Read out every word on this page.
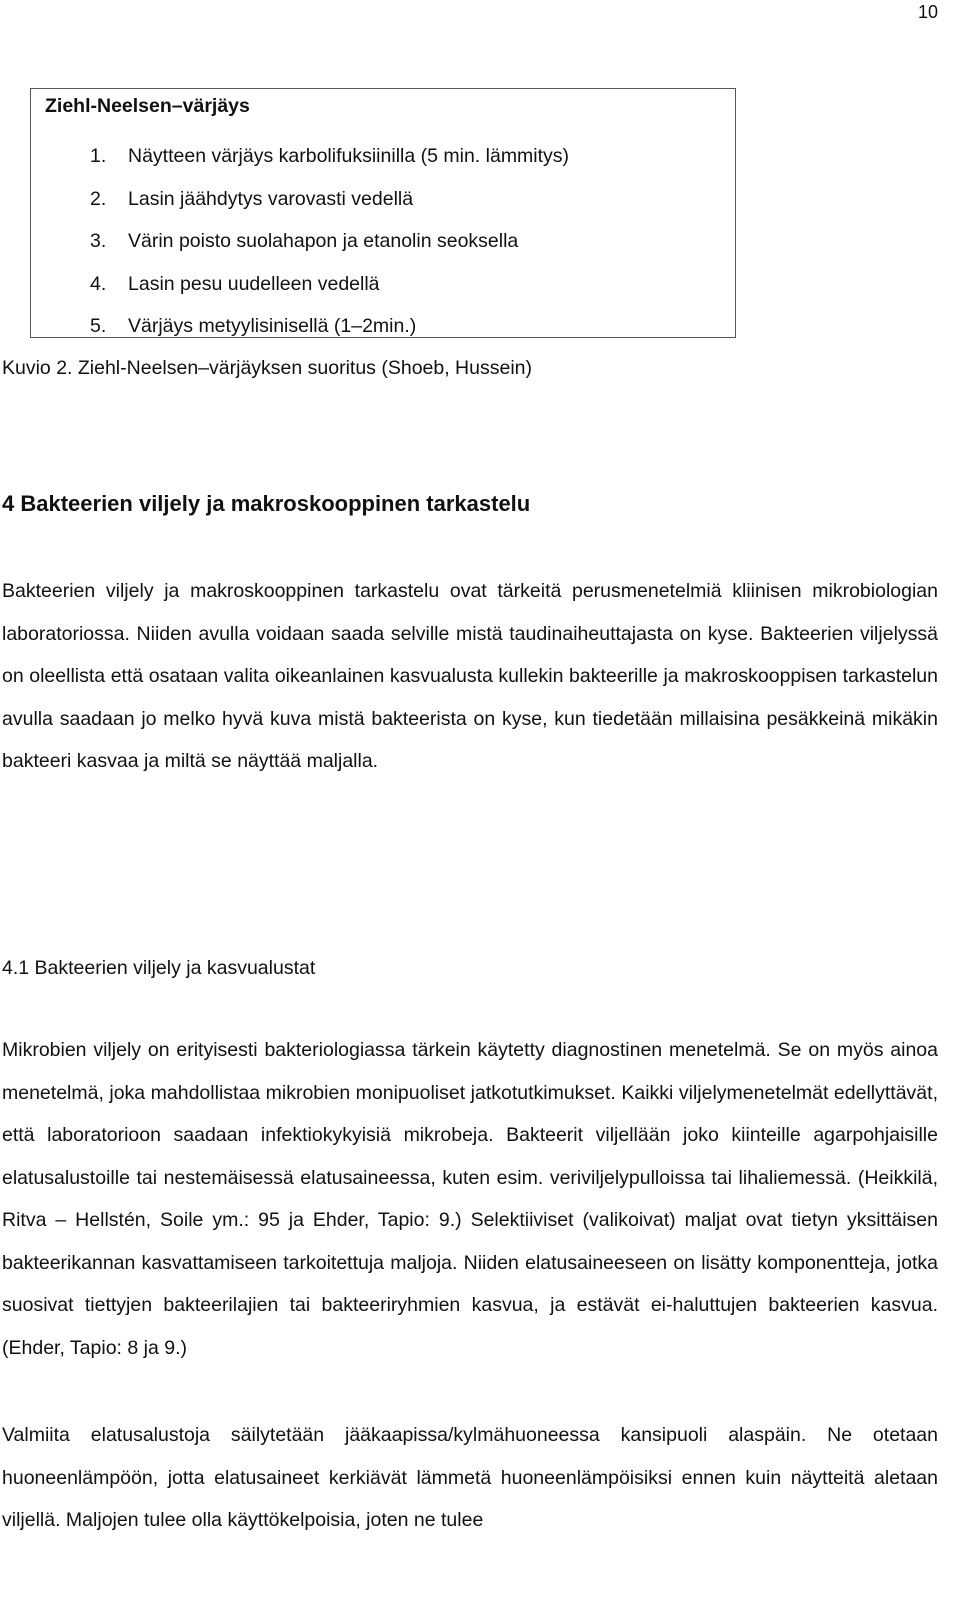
10
Ziehl-Neelsen–värjäys
1. Näytteen värjäys karbolifuksiinilla (5 min. lämmitys)
2. Lasin jäähdytys varovasti vedellä
3. Värin poisto suolahapon ja etanolin seoksella
4. Lasin pesu uudelleen vedellä
5. Värjäys metyylisinisellä (1–2min.)
Kuvio 2. Ziehl-Neelsen–värjäyksen suoritus (Shoeb, Hussein)
4 Bakteerien viljely ja makroskooppinen tarkastelu

Bakteerien viljely ja makroskooppinen tarkastelu ovat tärkeitä perusmenetelmiä kliinisen mikrobiologian laboratoriossa. Niiden avulla voidaan saada selville mistä taudinaiheuttajasta on kyse. Bakteerien viljelyssä on oleellista että osataan valita oikeanlainen kasvualusta kullekin bakteerille ja makroskooppisen tarkastelun avulla saadaan jo melko hyvä kuva mistä bakteerista on kyse, kun tiedetään millaisina pesäkkeinä mikäkin bakteeri kasvaa ja miltä se näyttää maljalla.

4.1 Bakteerien viljely ja kasvualustat

Mikrobien viljely on erityisesti bakteriologiassa tärkein käytetty diagnostinen menetelmä. Se on myös ainoa menetelmä, joka mahdollistaa mikrobien monipuoliset jatkotutkimukset. Kaikki viljelymenetelmät edellyttävät, että laboratorioon saadaan infektiokykyisiä mikrobeja. Bakteerit viljellään joko kiinteille agarpohjaisille elatusalustoille tai nestemäisessä elatusaineessa, kuten esim. veriviljelypulloissa tai lihaliemessä. (Heikkilä, Ritva – Hellstén, Soile ym.: 95 ja Ehder, Tapio: 9.) Selektiiviset (valikoivat) maljat ovat tietyn yksittäisen bakteerikannan kasvattamiseen tarkoitettuja maljoja. Niiden elatusaineeseen on lisätty komponentteja, jotka suosivat tiettyjen bakteerilajien tai bakteeriryhmien kasvua, ja estävät ei-haluttujen bakteerien kasvua. (Ehder, Tapio: 8 ja 9.)

Valmiita elatusalustoja säilytetään jääkaapissa/kylmähuoneessa kansipuoli alaspäin. Ne otetaan huoneenlämpöön, jotta elatusaineet kerkiävät lämmetä huoneenlämpöisiksi ennen kuin näytteitä aletaan viljellä. Maljojen tulee olla käyttökelpoisia, joten ne tulee
